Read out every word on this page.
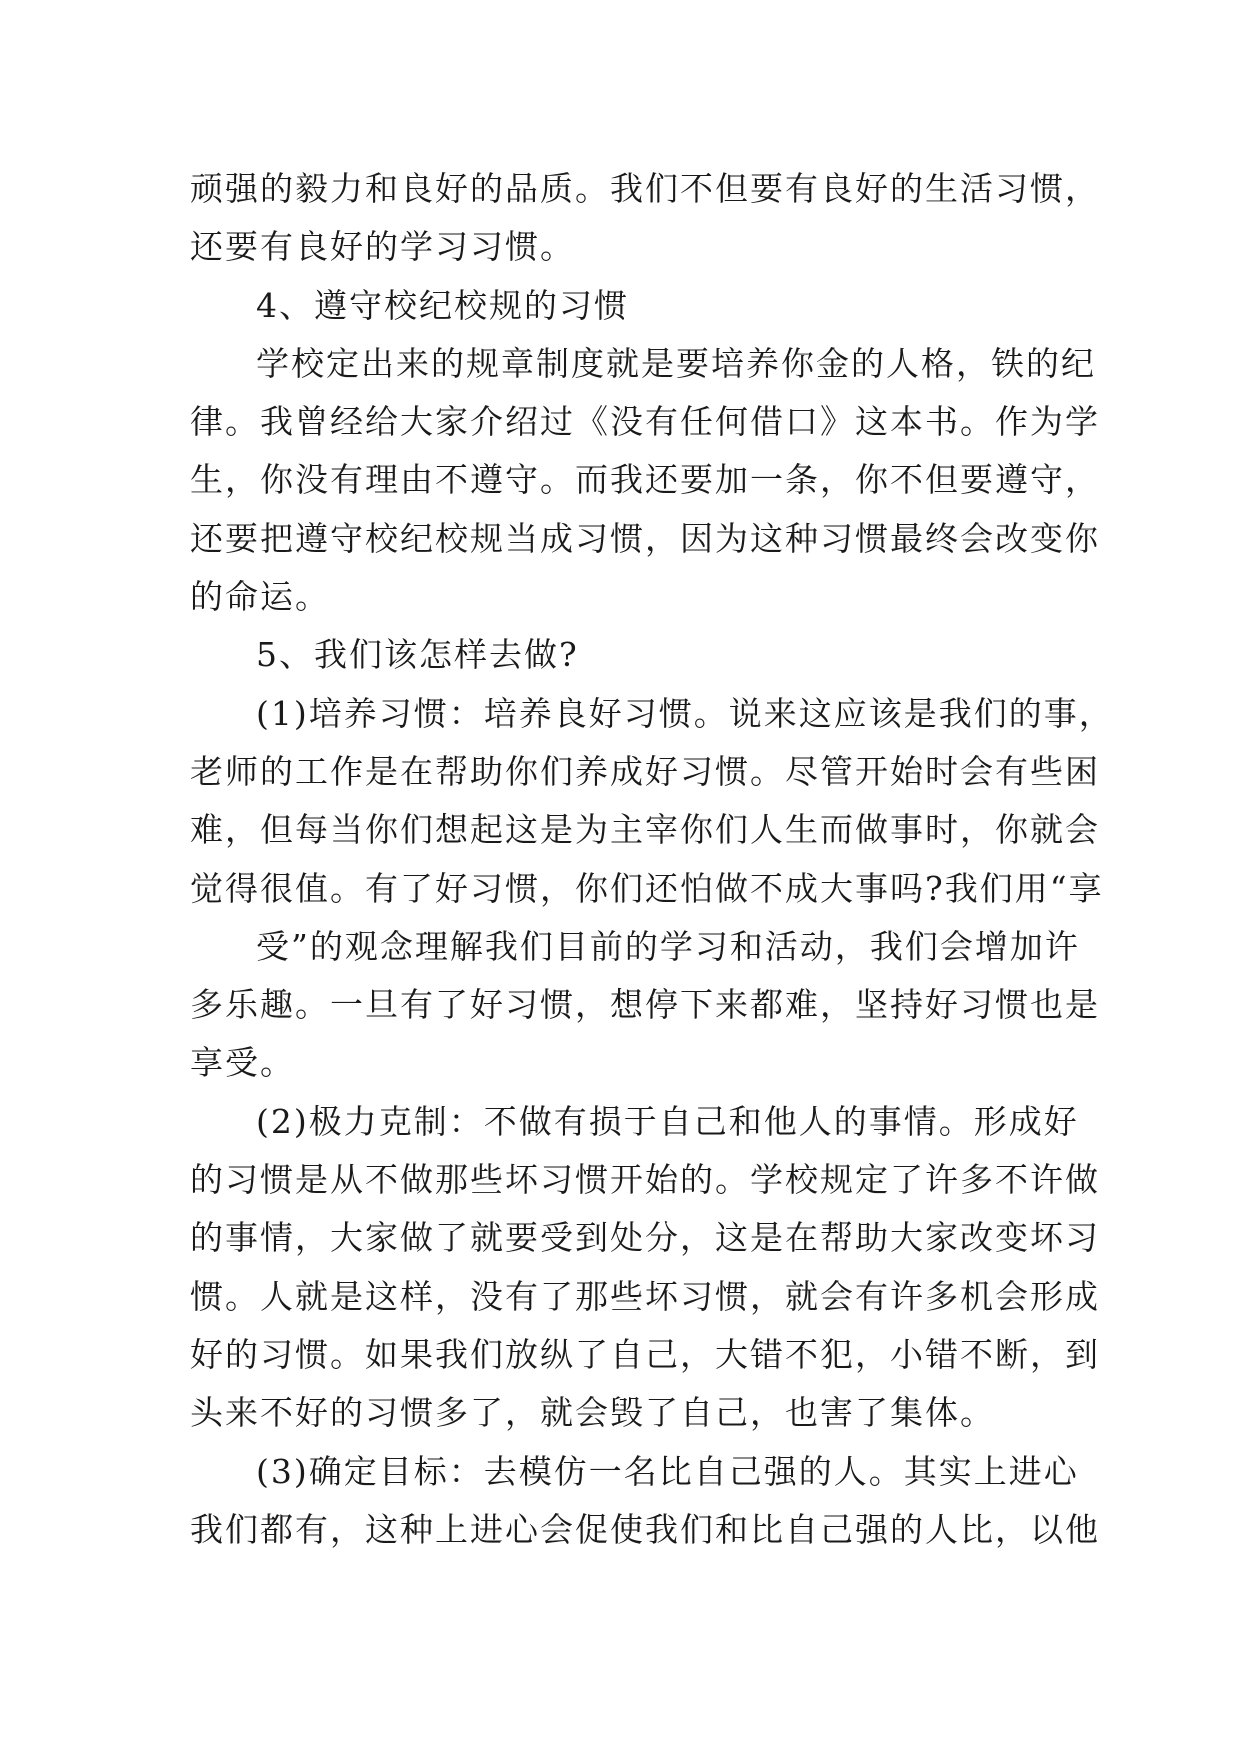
顽强的毅力和良好的品质。我们不但要有良好的生活习惯，
还要有良好的学习习惯。
4、遵守校纪校规的习惯
学校定出来的规章制度就是要培养你金的人格，铁的纪
律。我曾经给大家介绍过《没有任何借口》这本书。作为学
生，你没有理由不遵守。而我还要加一条，你不但要遵守，
还要把遵守校纪校规当成习惯，因为这种习惯最终会改变你
的命运。
5、我们该怎样去做?
(1)培养习惯：培养良好习惯。说来这应该是我们的事，
老师的工作是在帮助你们养成好习惯。尽管开始时会有些困
难，但每当你们想起这是为主宰你们人生而做事时，你就会
觉得很值。有了好习惯，你们还怕做不成大事吗?我们用“享
受”的观念理解我们目前的学习和活动，我们会增加许
多乐趣。一旦有了好习惯，想停下来都难，坚持好习惯也是
享受。
(2)极力克制：不做有损于自己和他人的事情。形成好
的习惯是从不做那些坏习惯开始的。学校规定了许多不许做
的事情，大家做了就要受到处分，这是在帮助大家改变坏习
惯。人就是这样，没有了那些坏习惯，就会有许多机会形成
好的习惯。如果我们放纵了自己，大错不犯，小错不断，到
头来不好的习惯多了，就会毁了自己，也害了集体。
(3)确定目标：去模仿一名比自己强的人。其实上进心
我们都有，这种上进心会促使我们和比自己强的人比，以他
